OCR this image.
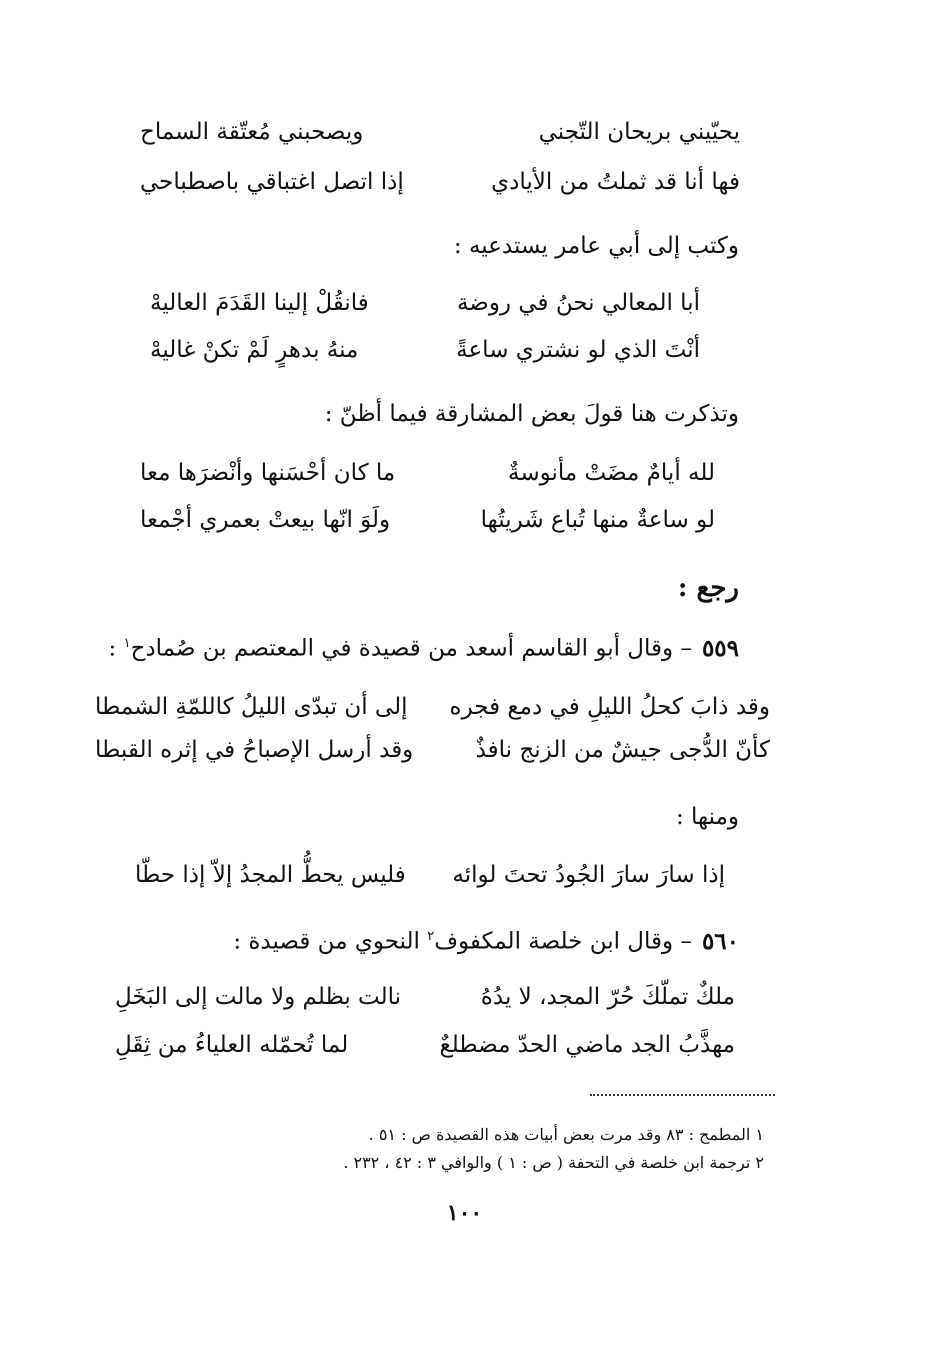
يحيّيني بريحان التّجني
ويصحبني مُعتّقة السماح
فها أنا قد ثملتُ من الأيادي
إذا اتصل اغتباقي باصطباحي
وكتب إلى أبي عامر يستدعيه :
أبا المعالي نحنُ في روضة
فانقُلْ إلينا القَدَمَ العاليهْ
أنْتَ الذي لو نشتري ساعةً
منهُ بدهرٍ لَمْ تكنْ غاليهْ
وتذكرت هنا قولَ بعض المشارقة فيما أظنّ :
لله أيامٌ مضَتْ مأنوسةٌ
ما كان أحْسَنها وأنْضرَها معا
لو ساعةٌ منها تُباع شَريتُها
ولَوَ انّها بيعتْ بعمري أجْمعا
رجع :
٥٥٩– وقال أبو القاسم أسعد من قصيدة في المعتصم بن صُمادح$^١$ :
وقد ذابَ كحلُ الليلِ في دمع فجره
إلى أن تبدّى الليلُ كاللمّةِ الشمطا
كأنّ الدُّجى جيشٌ من الزنج نافذٌ
وقد أرسل الإصباحُ في إثره القبطا
ومنها :
إذا سارَ سارَ الجُودُ تحتَ لوائه
فليس يحطُّ المجدُ إلاّ إذا حطّا
٥٦٠– وقال ابن خلصة المكفوف$^٢$ النحوي من قصيدة :
ملكٌ تملّكَ حُرّ المجد، لا يدُهُ
نالت بظلم ولا مالت إلى البَخَلِ
مهذَّبُ الجد ماضي الحدّ مضطلعٌ
لما تُحمّله العلياءُ من ثِقَلِ
١ المطمح : ٨٣ وقد مرت بعض أبيات هذه القصيدة ص : ٥١ .
٢ ترجمة ابن خلصة في التحفة ( ص : ١ ) والوافي ٣ : ٤٢ ، ٢٣٢ .
١٠٠
